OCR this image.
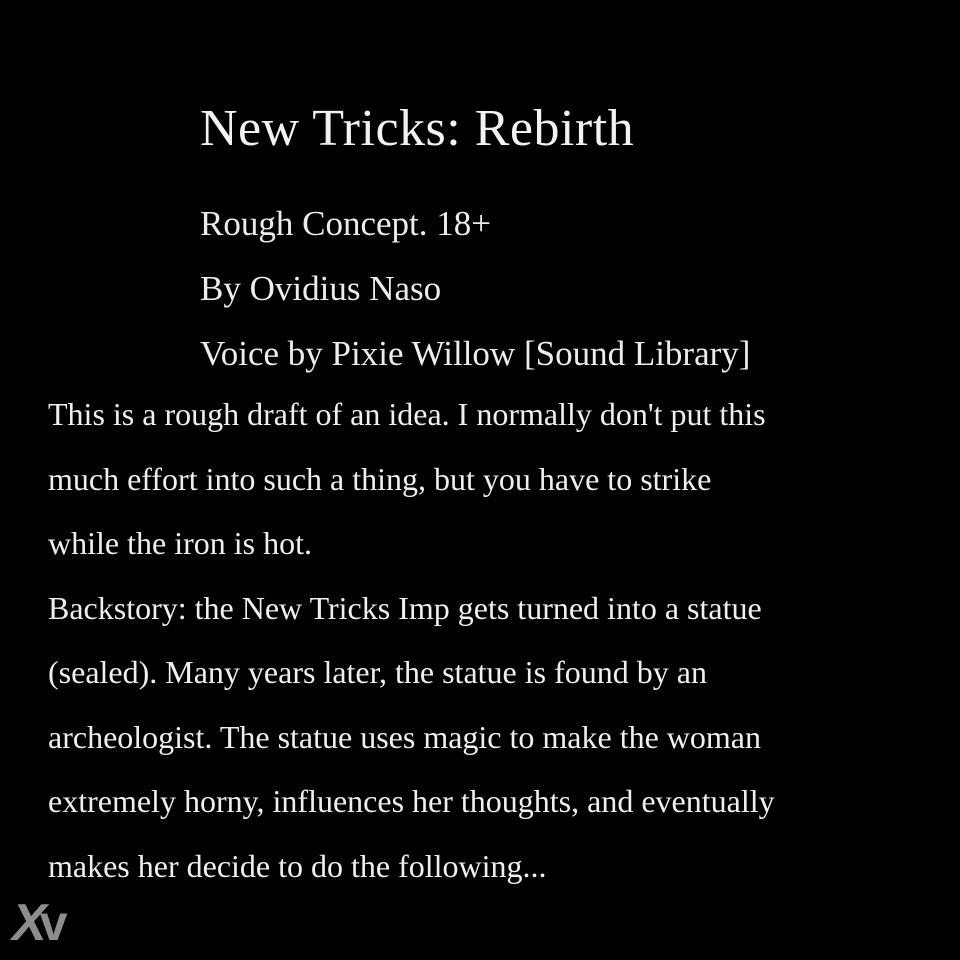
New Tricks: Rebirth
Rough Concept. 18+
By Ovidius Naso
Voice by Pixie Willow [Sound Library]
This is a rough draft of an idea. I normally don't put this
much effort into such a thing, but you have to strike
while the iron is hot.
Backstory: the New Tricks Imp gets turned into a statue
(sealed). Many years later, the statue is found by an
archeologist. The statue uses magic to make the woman
extremely horny, influences her thoughts, and eventually
makes her decide to do the following...
Xv
